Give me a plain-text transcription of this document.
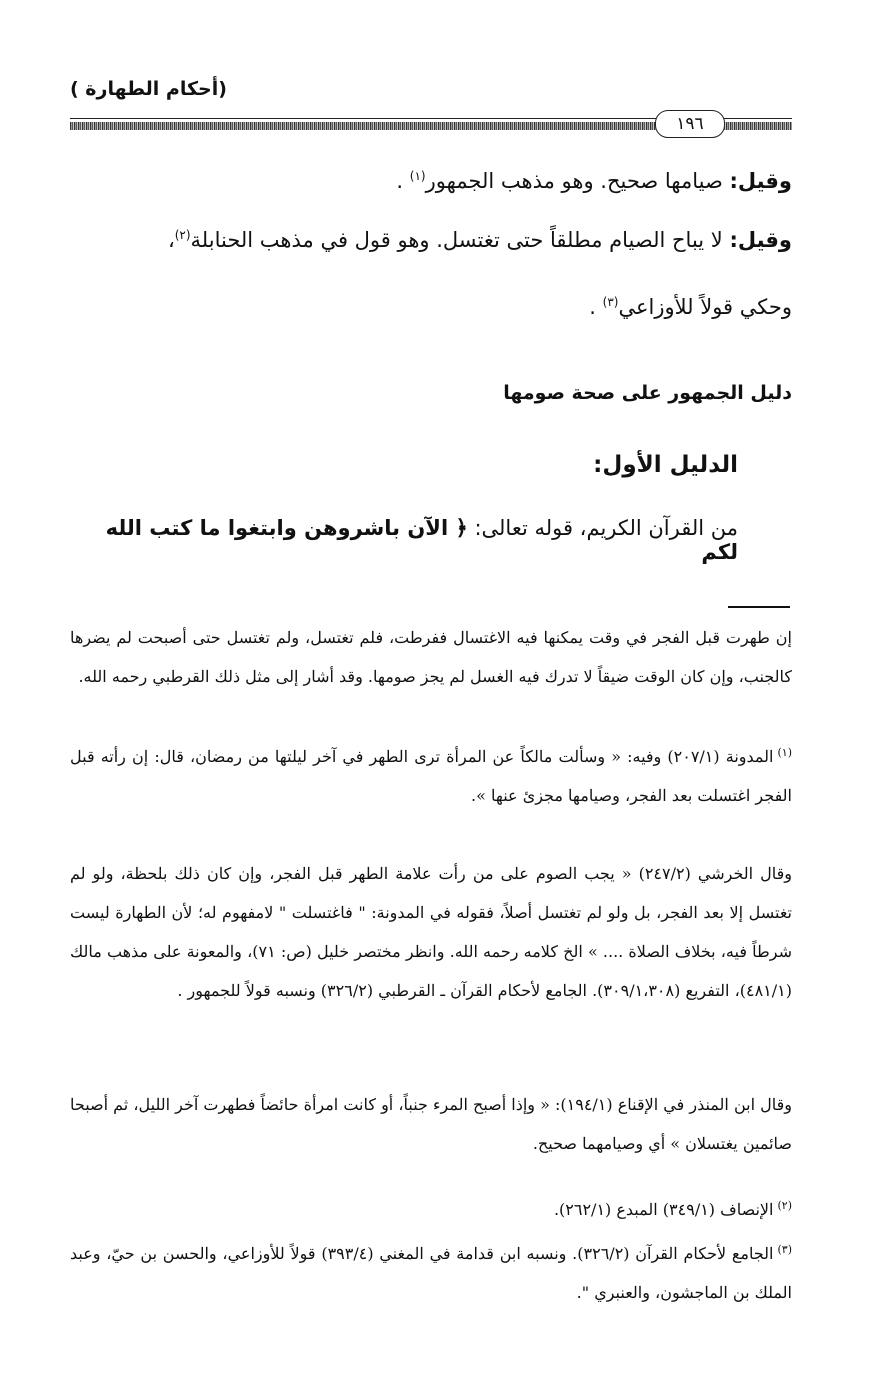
(أحكام الطهارة )
١٩٦
وقيل: صيامها صحيح. وهو مذهب الجمهور$^{(١)}$ .
وقيل: لا يباح الصيام مطلقاً حتى تغتسل. وهو قول في مذهب الحنابلة$^{(٢)}$،
وحكي قولاً للأوزاعي$^{(٣)}$ .
دليل الجمهور على صحة صومها
الدليل الأول:
من القرآن الكريم، قوله تعالى: ﴿ الآن باشروهن وابتغوا ما كتب الله لكم
إن طهرت قبل الفجر في وقت يمكنها فيه الاغتسال ففرطت، فلم تغتسل، ولم تغتسل حتى أصبحت لم يضرها كالجنب، وإن كان الوقت ضيقاً لا تدرك فيه الغسل لم يجز صومها. وقد أشار إلى مثل ذلك القرطبي رحمه الله.
$^{(١)}$المدونة (٢٠٧/١) وفيه: « وسألت مالكاً عن المرأة ترى الطهر في آخر ليلتها من رمضان، قال: إن رأته قبل الفجر اغتسلت بعد الفجر، وصيامها مجزئ عنها ».
وقال الخرشي (٢٤٧/٢) « يجب الصوم على من رأت علامة الطهر قبل الفجر، وإن كان ذلك بلحظة، ولو لم تغتسل إلا بعد الفجر، بل ولو لم تغتسل أصلاً، فقوله في المدونة: " فاغتسلت " لامفهوم له؛ لأن الطهارة ليست شرطاً فيه، بخلاف الصلاة .... » الخ كلامه رحمه الله. وانظر مختصر خليل (ص: ٧١)، والمعونة على مذهب مالك (٤٨١/١)، التفريع (٣٠٩/١،٣٠٨). الجامع لأحكام القرآن ـ القرطبي (٣٢٦/٢) ونسبه قولاً للجمهور .
وقال ابن المنذر في الإقناع (١٩٤/١): « وإذا أصبح المرء جنباً، أو كانت امرأة حائضاً فطهرت آخر الليل، ثم أصبحا صائمين يغتسلان » أي وصيامهما صحيح.
$^{(٢)}$الإنصاف (٣٤٩/١) المبدع (٢٦٢/١).
$^{(٣)}$الجامع لأحكام القرآن (٣٢٦/٢). ونسبه ابن قدامة في المغني (٣٩٣/٤) قولاً للأوزاعي، والحسن بن حيّ، وعبد الملك بن الماجشون، والعنبري ".
